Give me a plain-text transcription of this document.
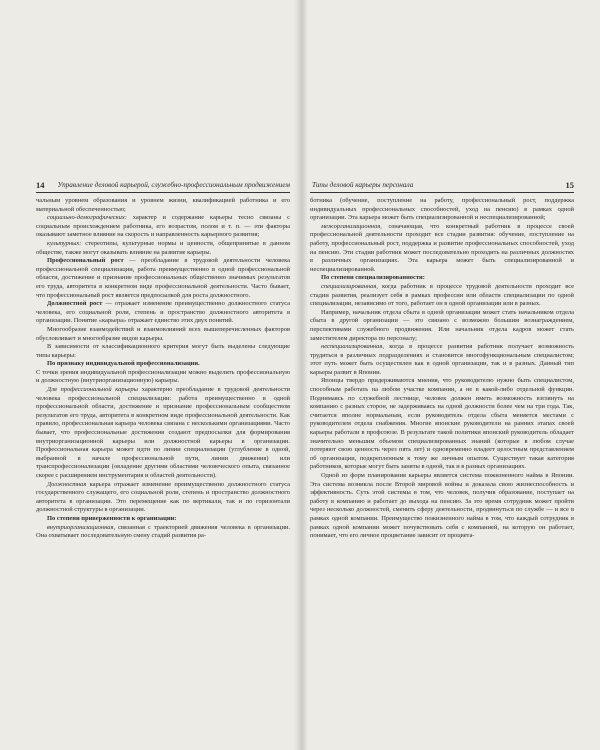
14 Управление деловой карьерой, служебно-профессиональным продвижением

чальным уровнем образования и уровнем жизни, квалификацией работника и его материальной обеспеченностью;

социально-демографических: характер и содержание карьеры тесно связаны с социальным происхождением работника, его возрастом, полом и т. п. — эти факторы оказывают заметное влияние на скорость и направленность карьерного развития;

культурных: стереотипы, культурные нормы и ценности, общепринятые в данном обществе, также могут оказывать влияние на развитие карьеры.

Профессиональный рост — преобладание в трудовой деятельности человека профессиональной специализации, работа преимущественно в одной профессиональной области, достижение и признание профессиональных общественно значимых результатов его труда, авторитета в конкретном виде профессиональной деятельности. Часто бывает, что профессиональный рост является предпосылкой для роста должностного.

Должностной рост — отражает изменение преимущественно должностного статуса человека, его социальной роли, степень и пространство должностного авторитета в организации. Понятие «карьера» отражает единство этих двух понятий.

Многообразие взаимодействий и взаимовлияний всех вышеперечисленных факторов обусловливает и многообразие видов карьеры.

В зависимости от классификационного критерия могут быть выделены следующие типы карьеры:

По признаку индивидуальной профессионализации.

С точки зрения индивидуальной профессионализации можно выделить профессиональную и должностную (внутриорганизационную) карьеры.

Для профессиональной карьеры характерно преобладание в трудовой деятельности человека профессиональной специализации: работа преимущественно в одной профессиональной области, достижение и признание профессиональным сообществом результатов его труда, авторитета в конкретном виде профессиональной деятельности. Как правило, профессиональная карьера человека связана с несколькими организациями. Часто бывает, что профессиональные достижения создают предпосылки для формирования внутриорганизационной карьеры или должностной карьеры в организации. Профессиональная карьера может идти по линии специализации (углубление в одной, выбранной в начале профессиональной пути, линии движения) или транспрофессионализации (овладение другими областями человеческого опыта, связанное скорее с расширением инструментария и областей деятельности).

Должностная карьера отражает изменение преимущественно должностного статуса государственного служащего, его социальной роли, степень и пространство должностного авторитета в организации. Это перемещение как по вертикали, так и по горизонтали должностной структуры в организации.

По степени приверженности к организации:

внутриорганизационная, связанная с траекторией движения человека в организации. Она охватывает последовательную смену стадий развития ра-

Типы деловой карьеры персонала	15

ботника (обучение, поступление на работу, профессиональный рост, поддержка индивидуальных профессиональных способностей, уход на пенсию) в рамках одной организации. Эта карьера может быть специализированной и неспециализированной;

межорганизационная, означающая, что конкретный работник в процессе своей профессиональной деятельности проходит все стадии развития: обучение, поступление на работу, профессиональный рост, поддержка и развитие профессиональных способностей, уход на пенсию. Эти стадии работник может последовательно проходить на различных должностях в различных организациях. Эта карьера может быть специализированной и неспециализированной.

По степени специализированности:

специализированная, когда работник в процессе трудовой деятельности проходит все стадии развития, реализует себя в рамках профессии или области специализации по одной специализации, независимо от того, работает он в одной организации или в разных.

Например, начальник отдела сбыта в одной организации может стать начальником отдела сбыта в другой организации — это связано с возможно большим вознаграждением, перспективами служебного продвижения. Или начальник отдела кадров может стать заместителем директора по персоналу;

неспециализированная, когда в процессе развития работник получает возможность трудиться в различных подразделениях и становится многофункциональным специалистом; этот путь может быть осуществлен как в одной организации, так и в разных. Данный тип карьеры развит в Японии.

Японцы твердо придерживаются мнения, что руководителю нужно быть специалистом, способным работать на любом участке компании, а не в какой-либо отдельной функции. Поднимаясь по служебной лестнице, человек должен иметь возможность взглянуть на компанию с разных сторон, не задерживаясь на одной должности более чем на три года. Так, считается вполне нормальным, если руководитель отдела сбыта меняется местами с руководителем отдела снабжения. Многие японские руководители на ранних этапах своей карьеры работали в профсоюзе. В результате такой политики японский руководитель обладает значительно меньшим объемом специализированных знаний (которые в любом случае потеряют свою ценность через пять лет) и одновременно владеет целостным представлением об организации, подкрепленным к тому же личным опытом. Существует такая категория работников, которые могут быть заняты в одной, так и в разных организациях.

Одной из форм планирования карьеры является система пожизненного найма в Японии. Эта система возникла после Второй мировой войны и доказала свою жизнеспособность и эффективность. Суть этой системы в том, что человек, получив образование, поступает на работу в компанию и работает до выхода на пенсию. За это время сотрудник может пройти через несколько должностей, сменить сферу деятельности, продвинуться по службе — и все в рамках одной компании. Преимущество пожизненного найма в том, что каждый сотрудник в рамках одной компании может почувствовать себя с компанией, на которую он работает, понимает, что его личное процветание зависит от процвета-
